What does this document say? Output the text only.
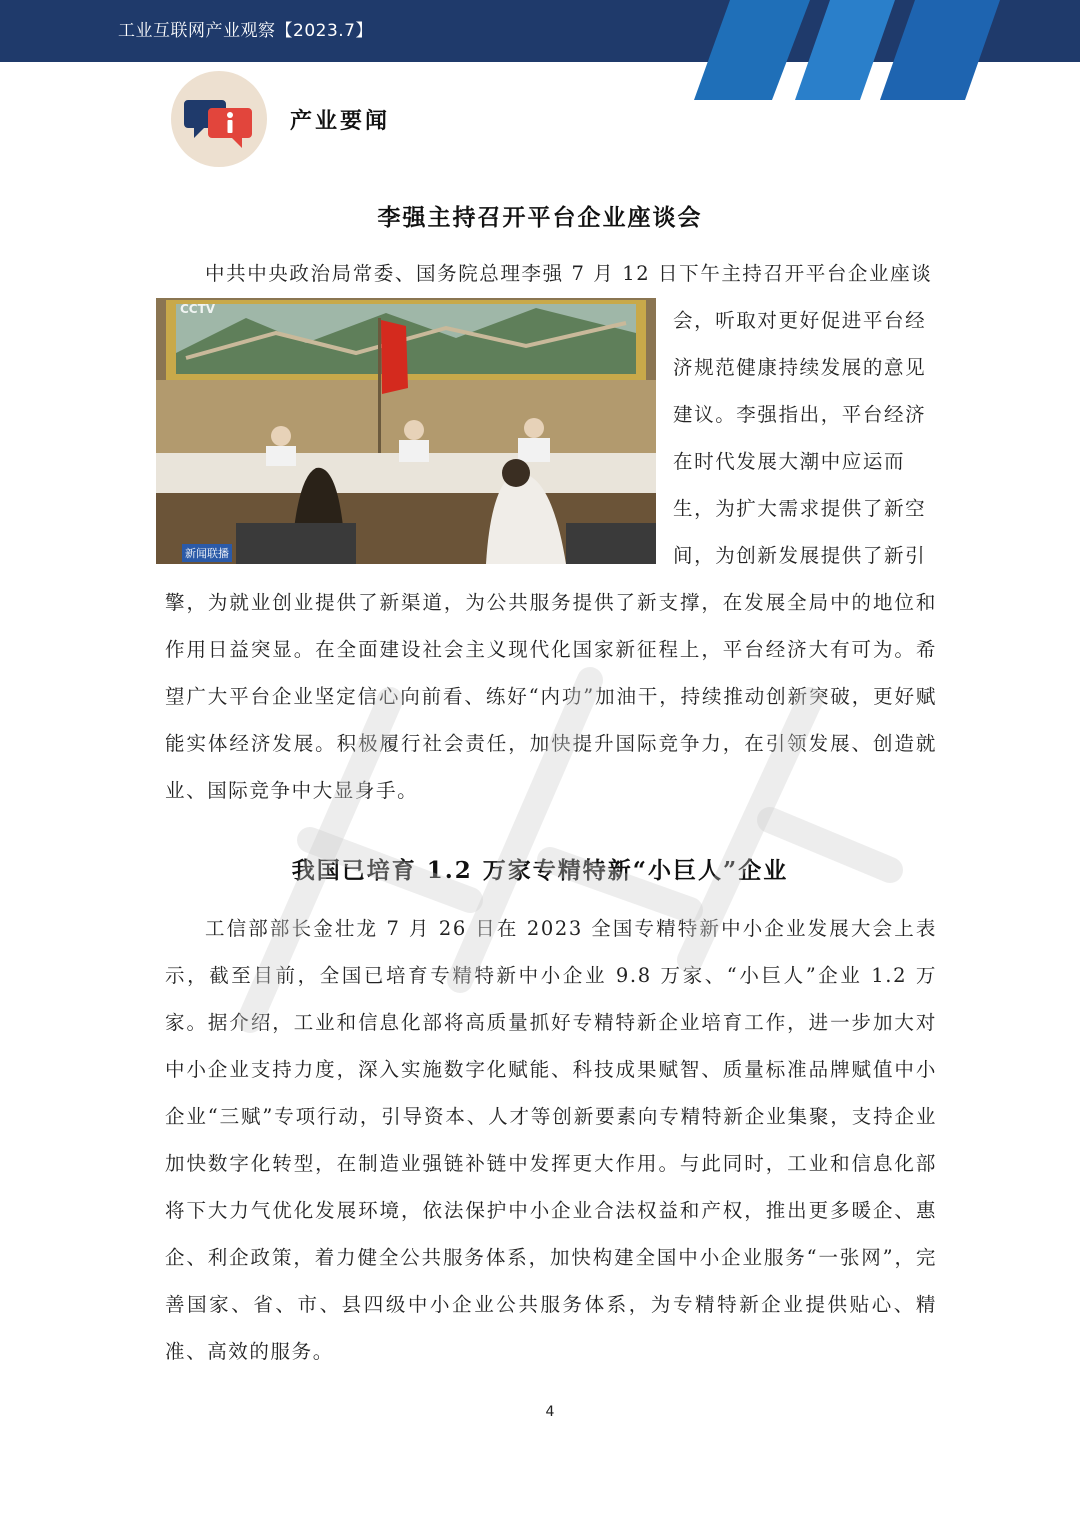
工业互联网产业观察【2023.7】
产业要闻
李强主持召开平台企业座谈会

中共中央政治局常委、国务院总理李强 7 月 12 日下午主持召开平台企业座谈

CCTV
新闻联播
会，听取对更好促进平台经
济规范健康持续发展的意见
建议。李强指出，平台经济
在时代发展大潮中应运而
生，为扩大需求提供了新空
间，为创新发展提供了新引

擎，为就业创业提供了新渠道，为公共服务提供了新支撑，在发展全局中的地位和作用日益突显。在全面建设社会主义现代化国家新征程上，平台经济大有可为。希望广大平台企业坚定信心向前看、练好“内功”加油干，持续推动创新突破，更好赋能实体经济发展。积极履行社会责任，加快提升国际竞争力，在引领发展、创造就业、国际竞争中大显身手。

我国已培育 1.2 万家专精特新“小巨人”企业

工信部部长金壮龙 7 月 26 日在 2023 全国专精特新中小企业发展大会上表示，截至目前，全国已培育专精特新中小企业 9.8 万家、“小巨人”企业 1.2 万家。据介绍，工业和信息化部将高质量抓好专精特新企业培育工作，进一步加大对中小企业支持力度，深入实施数字化赋能、科技成果赋智、质量标准品牌赋值中小企业“三赋”专项行动，引导资本、人才等创新要素向专精特新企业集聚，支持企业加快数字化转型，在制造业强链补链中发挥更大作用。与此同时，工业和信息化部将下大力气优化发展环境，依法保护中小企业合法权益和产权，推出更多暖企、惠企、利企政策，着力健全公共服务体系，加快构建全国中小企业服务“一张网”，完善国家、省、市、县四级中小企业公共服务体系，为专精特新企业提供贴心、精准、高效的服务。

4
